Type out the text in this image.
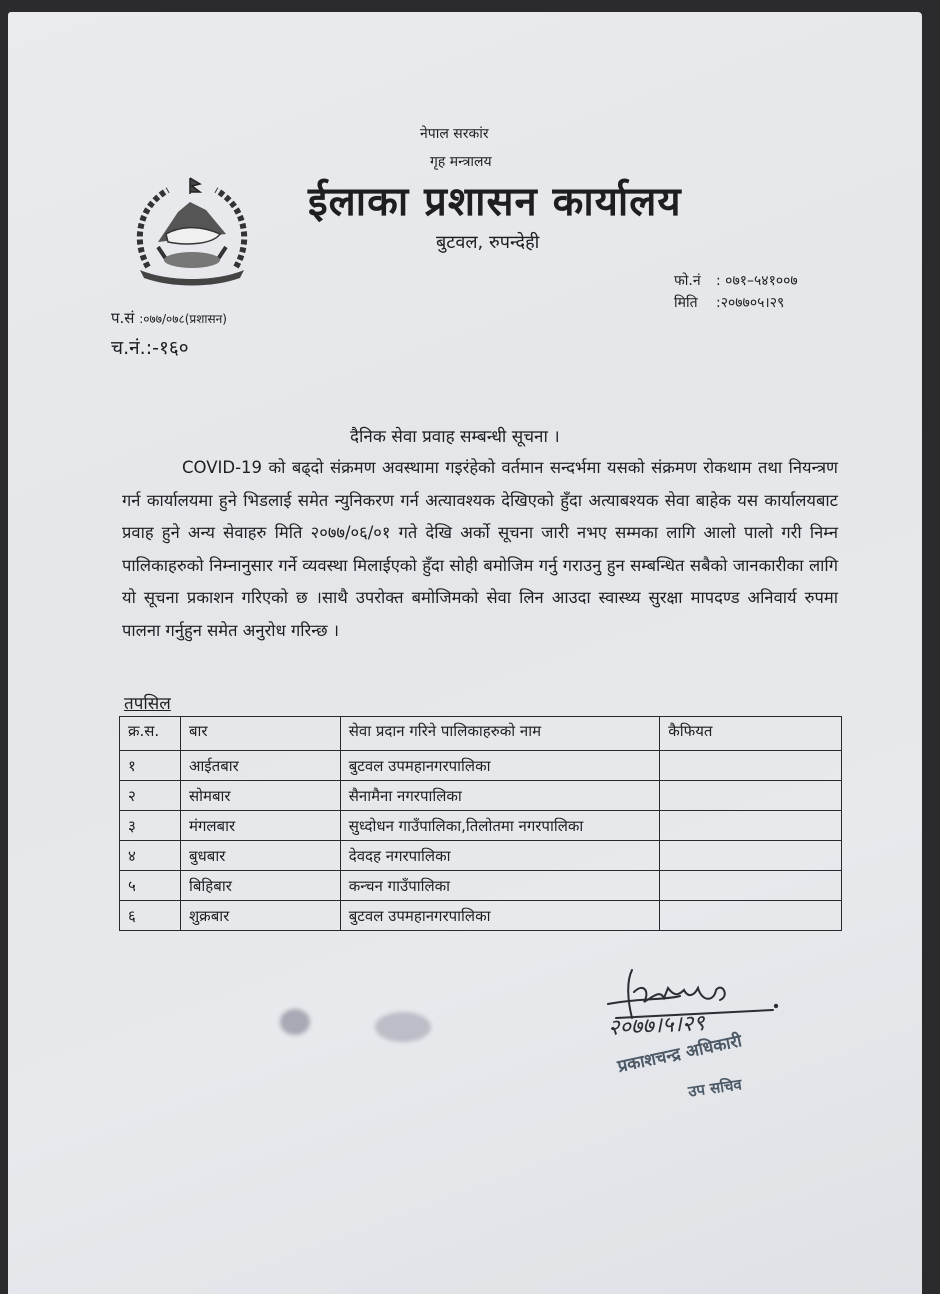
नेपाल सरकांर
गृह मन्त्रालय
ईलाका प्रशासन कार्यालय
बुटवल, रुपन्देही
फो.नं : ०७१–५४१००७
मिति :२०७७०५।२९
प.सं :०७७/०७८(प्रशासन)
च.नं.:-१६०
दैनिक सेवा प्रवाह सम्बन्धी सूचना ।
COVID-19 को बढ्दो संक्रमण अवस्थामा गइरंहेको वर्तमान सन्दर्भमा यसको संक्रमण रोकथाम तथा नियन्त्रण गर्न कार्यालयमा हुने भिडलाई समेत न्युनिकरण गर्न अत्यावश्यक देखिएको हुँदा अत्याबश्यक सेवा बाहेक यस कार्यालयबाट प्रवाह हुने अन्य सेवाहरु मिति २०७७/०६/०१ गते देखि अर्को सूचना जारी नभए सम्मका लागि आलो पालो गरी निम्न पालिकाहरुको निम्नानुसार गर्ने व्यवस्था मिलाईएको हुँदा सोही बमोजिम गर्नु गराउनु हुन सम्बन्धित सबैको जानकारीका लागि यो सूचना प्रकाशन गरिएको छ ।साथै उपरोक्त बमोजिमको सेवा लिन आउदा स्वास्थ्य सुरक्षा मापदण्ड अनिवार्य रुपमा पालना गर्नुहुन समेत अनुरोध गरिन्छ ।
तपसिल
क्र.स.	बार	सेवा प्रदान गरिने पालिकाहरुको नाम	कैफियत
१	आईतबार	बुटवल उपमहानगरपालिका	
२	सोमबार	सैनामैना नगरपालिका	
३	मंगलबार	सुध्दोधन गाउँपालिका,तिलोतमा नगरपालिका	
४	बुधबार	देवदह नगरपालिका	
५	बिहिबार	कन्चन गाउँपालिका	
६	शुक्रबार	बुटवल उपमहानगरपालिका	
२०७७।५।२९
प्रकाशचन्द्र अधिकारी
उप सचिव
